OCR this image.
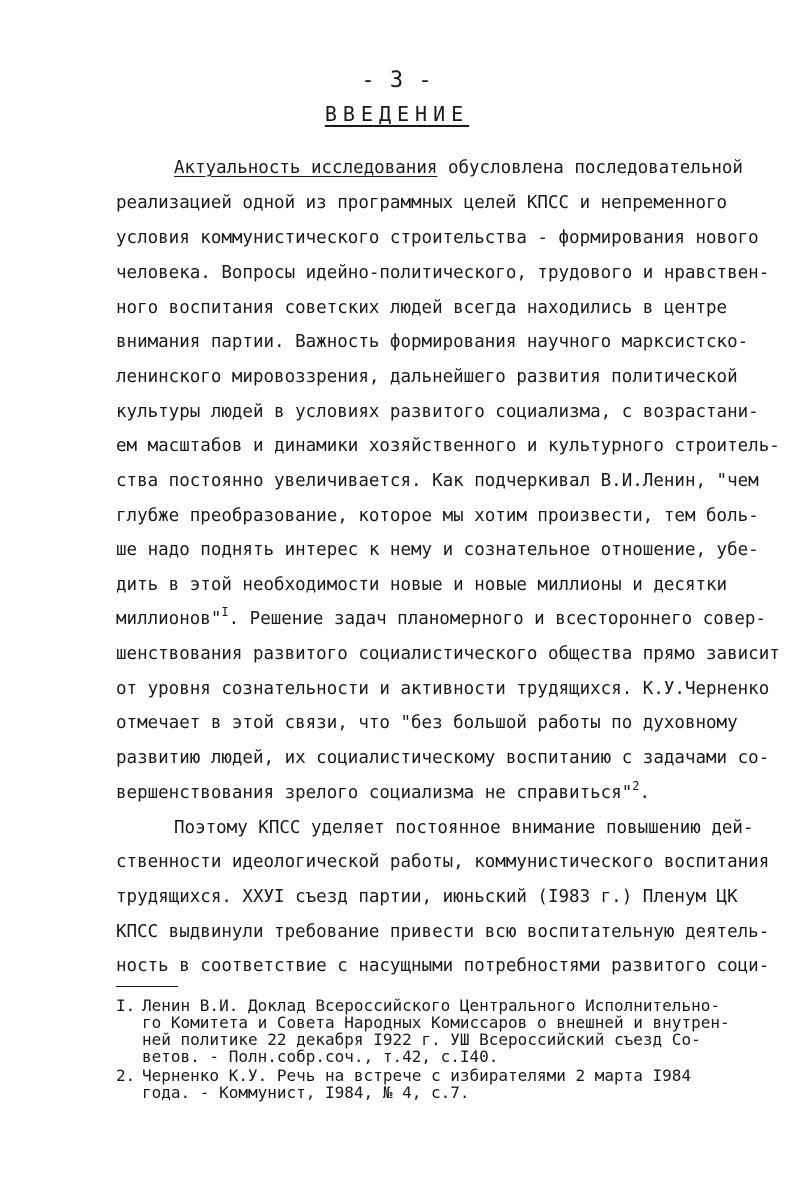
- 3 -
ВВЕДЕНИЕ
Актуальность исследования обусловлена последовательной
реализацией одной из программных целей КПСС и непременного
условия коммунистического строительства - формирования нового
человека. Вопросы идейно-политического, трудового и нравствен-
ного воспитания советских людей всегда находились в центре
внимания партии. Важность формирования научного марксистско-
ленинского мировоззрения, дальнейшего развития политической
культуры людей в условиях развитого социализма, с возрастани-
ем масштабов и динамики хозяйственного и культурного строитель-
ства постоянно увеличивается. Как подчеркивал В.И.Ленин, "чем
глубже преобразование, которое мы хотим произвести, тем боль-
ше надо поднять интерес к нему и сознательное отношение, убе-
дить в этой необходимости новые и новые миллионы и десятки
миллионов"$^I$. Решение задач планомерного и всестороннего совер-
шенствования развитого социалистического общества прямо зависит
от уровня сознательности и активности трудящихся. К.У.Черненко
отмечает в этой связи, что "без большой работы по духовному
развитию людей, их социалистическому воспитанию с задачами со-
вершенствования зрелого социализма не справиться"$^2$.
Поэтому КПСС уделяет постоянное внимание повышению дей-
ственности идеологической работы, коммунистического воспитания
трудящихся. ХХУI съезд партии, июньский (I983 г.) Пленум ЦК
КПСС выдвинули требование привести всю воспитательную деятель-
ность в соответствие с насущными потребностями развитого соци-
I. Ленин В.И. Доклад Всероссийского Центрального Исполнительно-
го Комитета и Совета Народных Комиссаров о внешней и внутрен-
ней политике 22 декабря I922 г. УШ Всероссийский съезд Со-
ветов. - Полн.собр.соч., т.42, с.I40.
2. Черненко К.У. Речь на встрече с избирателями 2 марта I984
года. - Коммунист, I984, № 4, с.7.
